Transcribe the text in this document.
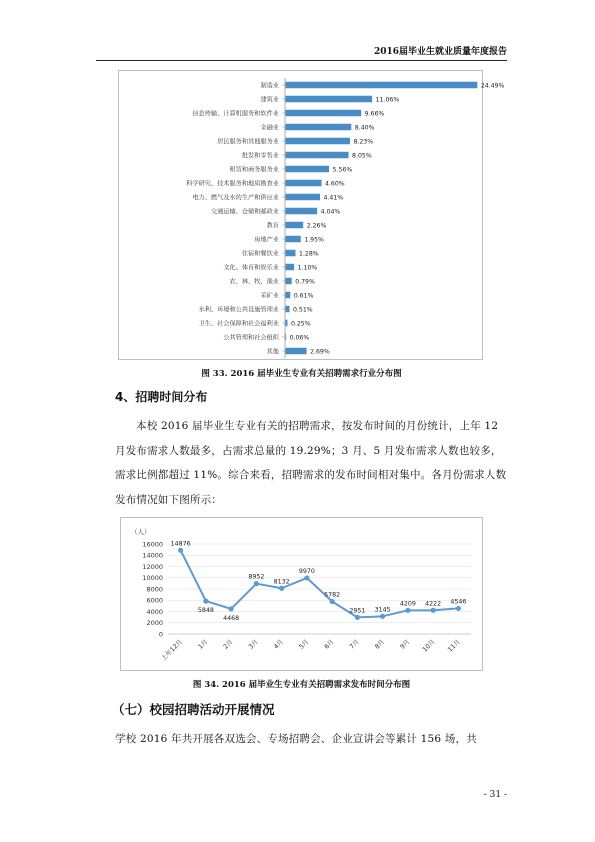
2016届毕业生就业质量年度报告
制造业	24.49%
建筑业	11.06%
信息传输、计算机服务和软件业	9.66%
金融业	8.40%
居民服务和其他服务业	8.23%
批发和零售业	8.05%
租赁和商务服务业	5.56%
科学研究、技术服务和地质勘查业	4.60%
电力、燃气及水的生产和供应业	4.41%
交通运输、仓储和邮政业	4.04%
教育	2.26%
房地产业	1.95%
住宿和餐饮业	1.28%
文化、体育和娱乐业	1.10%
农、林、牧、渔业	0.79%
采矿业 0.61%
水利、环境和公共设施管理业 0.51%
卫生、社会保障和社会福利业 0.25%
公共管理和社会组织 0.06%
其他	2.69%
图 33. 2016 届毕业生专业有关招聘需求行业分布图
4、招聘时间分布
本校 2016 届毕业生专业有关的招聘需求，按发布时间的月份统计，上年 12 月发布需求人数最多，占需求总量的 19.29%；3 月、5 月发布需求人数也较多，需求比例都超过 11%。综合来看，招聘需求的发布时间相对集中。各月份需求人数发布情况如下图所示：
（人）
0
2000
4000
6000
8000
10000
12000
14000
16000 14876
上年12月
5848
1月
4468
2月
8952
3月
8132
4月
9970
5月
5782
6月
2951
7月
3145
8月
4209
9月
4222
10月
4546
11月
图 34. 2016 届毕业生专业有关招聘需求发布时间分布图
（七）校园招聘活动开展情况
学校 2016 年共开展各双选会、专场招聘会、企业宣讲会等累计 156 场，共
- 31 -
